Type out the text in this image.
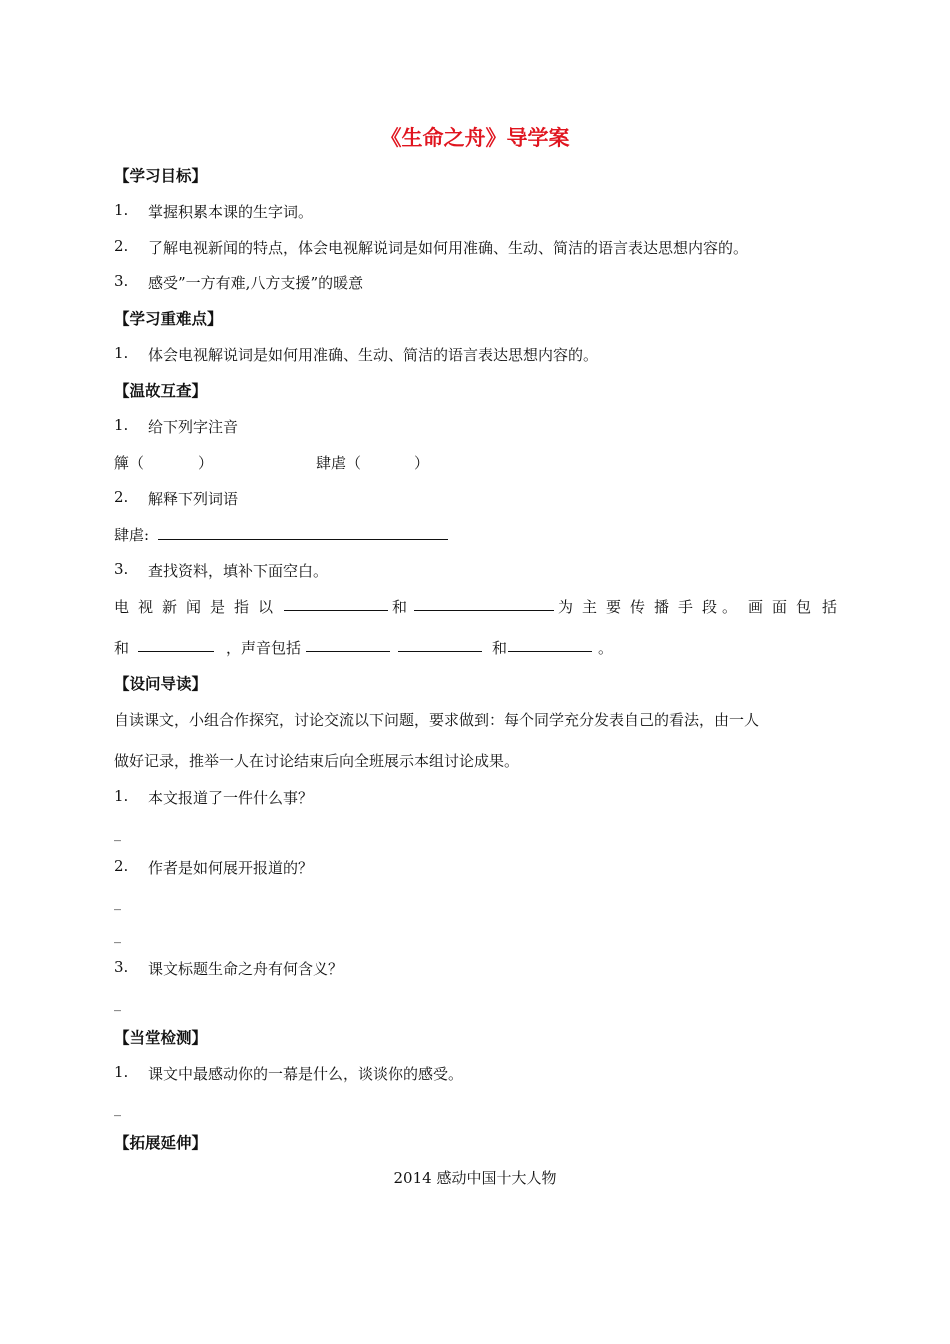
《生命之舟》导学案
【学习目标】
1. 掌握积累本课的生字词。
2. 了解电视新闻的特点，体会电视解说词是如何用准确、生动、简洁的语言表达思想内容的。
3. 感受”一方有难,八方支援”的暖意
【学习重难点】
1. 体会电视解说词是如何用准确、生动、简洁的语言表达思想内容的。
【温故互查】
1. 给下列字注音
簰（	）	肆虐（	）
2. 解释下列词语
肆虐:
3. 查找资料，填补下面空白。
电 视 新 闻 是 指 以	和	为 主 要 传 播 手 段 。 画 面 包 括
和	，声音包括	和	。
【设问导读】
自读课文，小组合作探究，讨论交流以下问题，要求做到：每个同学充分发表自己的看法，由一人
做好记录，推举一人在讨论结束后向全班展示本组讨论成果。
1. 本文报道了一件什么事？
_
2. 作者是如何展开报道的？
_
_
3. 课文标题生命之舟有何含义？
_
【当堂检测】
1. 课文中最感动你的一幕是什么，谈谈你的感受。
_
【拓展延伸】
2014 感动中国十大人物
